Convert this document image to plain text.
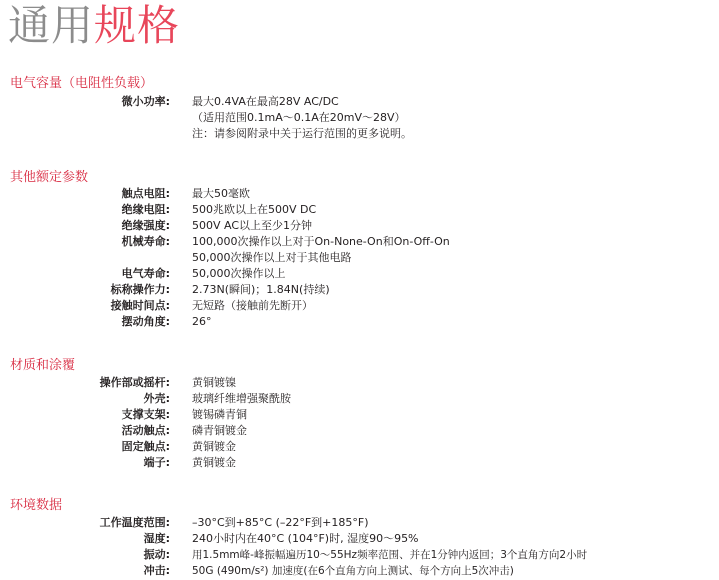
通用规格
电气容量（电阻性负载）
微小功率: 最大0.4VA在最高28V AC/DC
（适用范围0.1mA～0.1A在20mV～28V）
注：请参阅附录中关于运行范围的更多说明。
其他额定参数
触点电阻: 最大50毫欧
绝缘电阻: 500兆欧以上在500V DC
绝缘强度: 500V AC以上至少1分钟
机械寿命: 100,000次操作以上对于On-None-On和On-Off-On
50,000次操作以上对于其他电路
电气寿命: 50,000次操作以上
标称操作力: 2.73N(瞬间)；1.84N(持续)
接触时间点: 无短路（接触前先断开）
摆动角度: 26°
材质和涂覆
操作部或摇杆: 黄铜镀镍
外壳: 玻璃纤维增强聚酰胺
支撑支架: 镀锡磷青铜
活动触点: 磷青铜镀金
固定触点: 黄铜镀金
端子: 黄铜镀金
环境数据
工作温度范围: –30°C到+85°C (–22°F到+185°F)
湿度: 240小时内在40°C (104°F)时, 湿度90～95%
振动: 用1.5mm峰-峰振幅遍历10～55Hz频率范围、并在1分钟内返回；3个直角方向2小时
冲击: 50G (490m/s²) 加速度(在6个直角方向上测试、每个方向上5次冲击)
